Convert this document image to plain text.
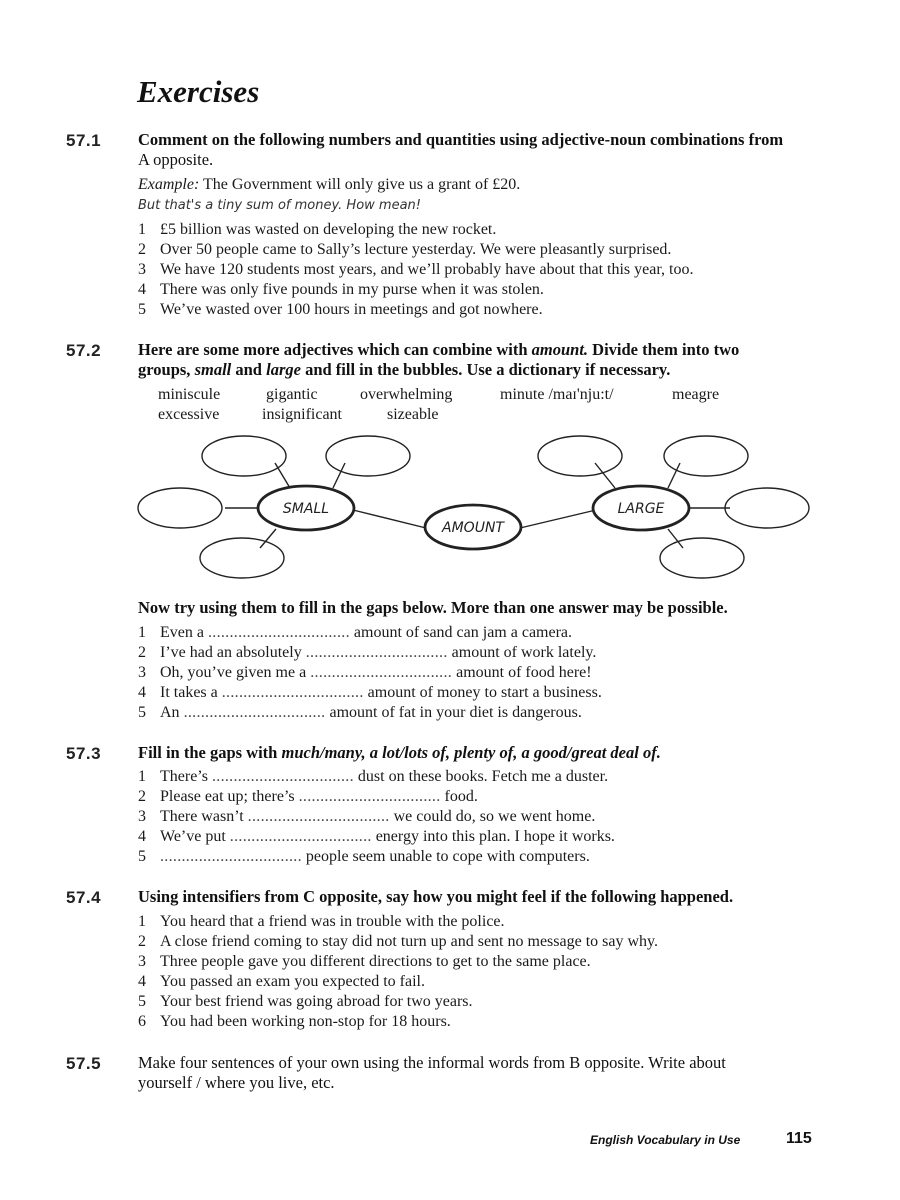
Exercises
57.1 Comment on the following numbers and quantities using adjective-noun combinations from
A opposite.

Example: The Government will only give us a grant of £20.

But that's a tiny sum of money. How mean!

1 £5 billion was wasted on developing the new rocket.

2 Over 50 people came to Sally’s lecture yesterday. We were pleasantly surprised.

3 We have 120 students most years, and we’ll probably have about that this year, too.

4 There was only five pounds in my purse when it was stolen.

5 We’ve wasted over 100 hours in meetings and got nowhere.

57.2 Here are some more adjectives which can combine with amount. Divide them into two
groups, small and large and fill in the bubbles. Use a dictionary if necessary.

miniscule	gigantic	overwhelming	minute /maɪ'nju:t/	meagre
excessive	insignificant	sizeable
SMALL
AMOUNT
LARGE

Now try using them to fill in the gaps below. More than one answer may be possible.

1 Even a ................................. amount of sand can jam a camera.

2 I’ve had an absolutely ................................. amount of work lately.

3 Oh, you’ve given me a ................................. amount of food here!

4 It takes a ................................. amount of money to start a business.

5 An ................................. amount of fat in your diet is dangerous.

57.3 Fill in the gaps with much/many, a lot/lots of, plenty of, a good/great deal of.

1 There’s ................................. dust on these books. Fetch me a duster.

2 Please eat up; there’s ................................. food.

3 There wasn’t ................................. we could do, so we went home.

4 We’ve put ................................. energy into this plan. I hope it works.

5 ................................. people seem unable to cope with computers.

57.4 Using intensifiers from C opposite, say how you might feel if the following happened.

1 You heard that a friend was in trouble with the police.

2 A close friend coming to stay did not turn up and sent no message to say why.

3 Three people gave you different directions to get to the same place.

4 You passed an exam you expected to fail.

5 Your best friend was going abroad for two years.

6 You had been working non-stop for 18 hours.

57.5 Make four sentences of your own using the informal words from B opposite. Write about
yourself / where you live, etc.

English Vocabulary in Use	115
